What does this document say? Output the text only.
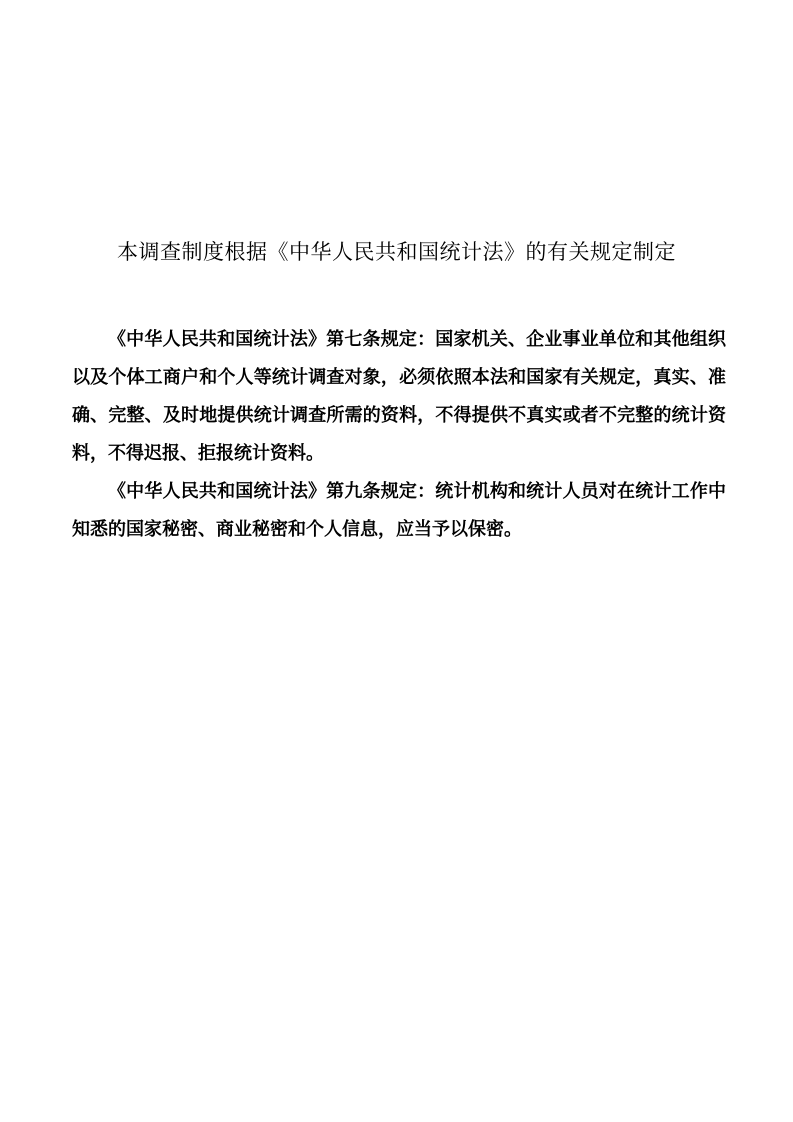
本调查制度根据《中华人民共和国统计法》的有关规定制定
《中华人民共和国统计法》第七条规定：国家机关、企业事业单位和其他组织
以及个体工商户和个人等统计调查对象，必须依照本法和国家有关规定，真实、准
确、完整、及时地提供统计调查所需的资料，不得提供不真实或者不完整的统计资
料，不得迟报、拒报统计资料。
《中华人民共和国统计法》第九条规定：统计机构和统计人员对在统计工作中
知悉的国家秘密、商业秘密和个人信息，应当予以保密。
